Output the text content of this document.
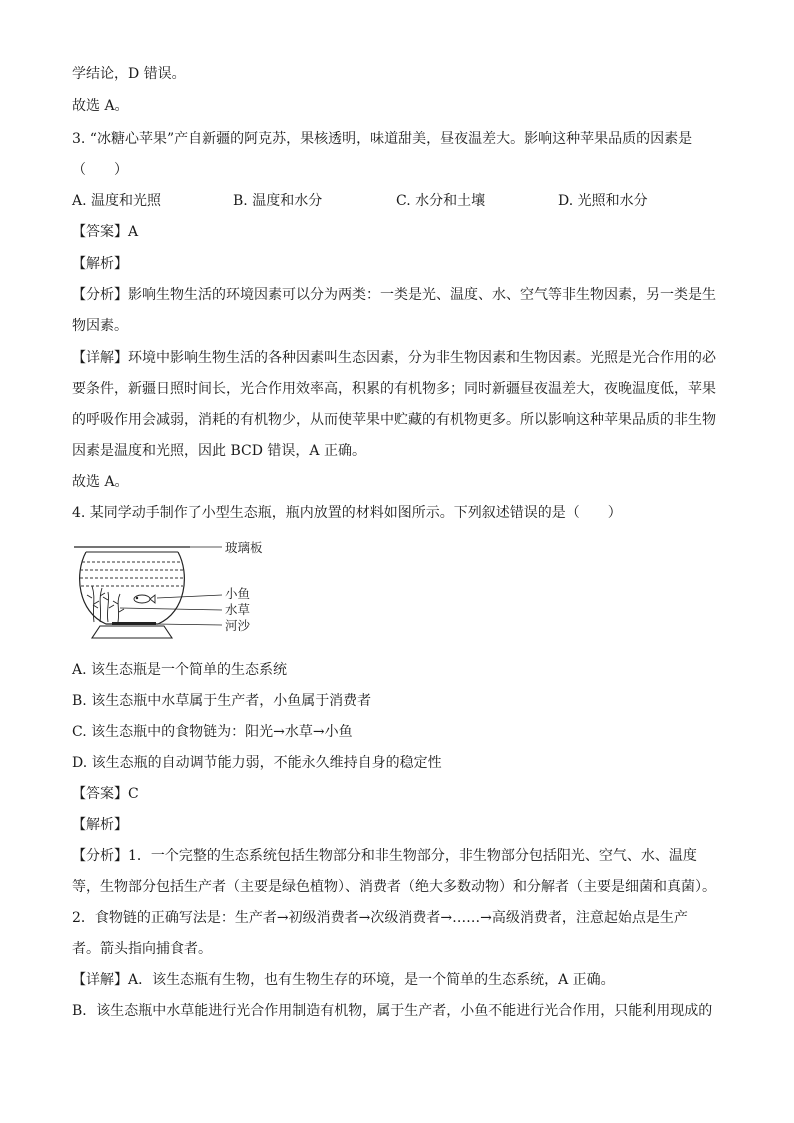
学结论，D 错误。
故选 A。
3. “冰糖心苹果”产自新疆的阿克苏，果核透明，味道甜美，昼夜温差大。影响这种苹果品质的因素是
（　　）
A. 温度和光照	B. 温度和水分	C. 水分和土壤	D. 光照和水分
【答案】A
【解析】
【分析】影响生物生活的环境因素可以分为两类：一类是光、温度、水、空气等非生物因素，另一类是生
物因素。
【详解】环境中影响生物生活的各种因素叫生态因素，分为非生物因素和生物因素。光照是光合作用的必
要条件，新疆日照时间长，光合作用效率高，积累的有机物多；同时新疆昼夜温差大，夜晚温度低，苹果
的呼吸作用会减弱，消耗的有机物少，从而使苹果中贮藏的有机物更多。所以影响这种苹果品质的非生物
因素是温度和光照，因此 BCD 错误，A 正确。
故选 A。
4. 某同学动手制作了小型生态瓶，瓶内放置的材料如图所示。下列叙述错误的是（　　）
玻璃板
小鱼
水草
河沙
A. 该生态瓶是一个简单的生态系统
B. 该生态瓶中水草属于生产者，小鱼属于消费者
C. 该生态瓶中的食物链为：阳光→水草→小鱼
D. 该生态瓶的自动调节能力弱，不能永久维持自身的稳定性
【答案】C
【解析】
【分析】1．一个完整的生态系统包括生物部分和非生物部分，非生物部分包括阳光、空气、水、温度
等，生物部分包括生产者（主要是绿色植物）、消费者（绝大多数动物）和分解者（主要是细菌和真菌）。
2．食物链的正确写法是：生产者→初级消费者→次级消费者→……→高级消费者，注意起始点是生产
者。箭头指向捕食者。
【详解】A．该生态瓶有生物，也有生物生存的环境，是一个简单的生态系统，A 正确。
B．该生态瓶中水草能进行光合作用制造有机物，属于生产者，小鱼不能进行光合作用，只能利用现成的
